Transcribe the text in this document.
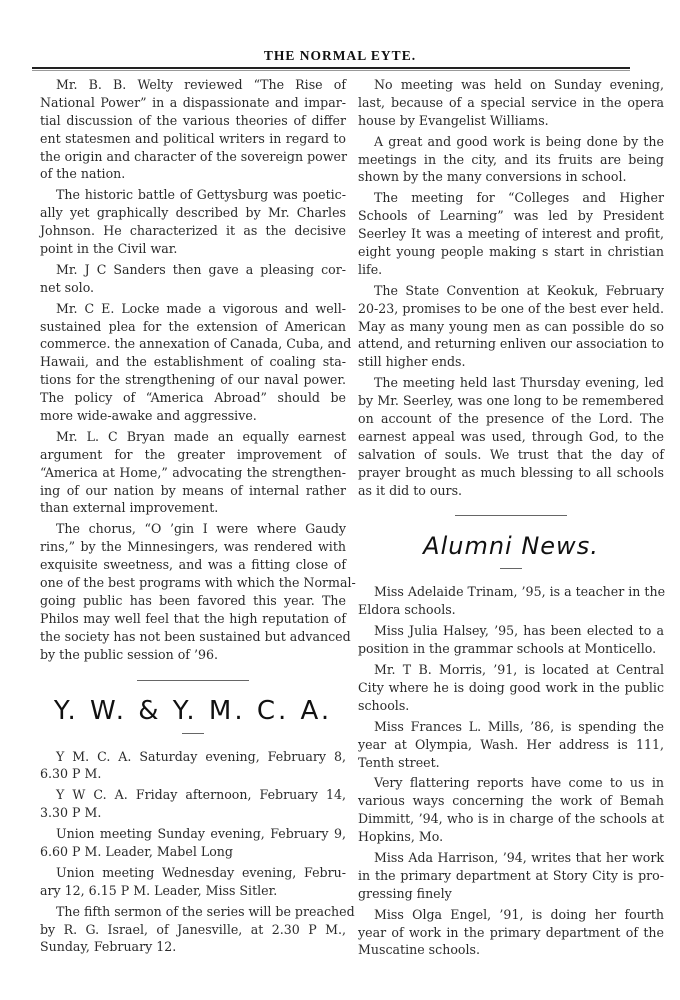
THE NORMAL EYTE.
Mr. B. B. Welty reviewed “The Rise of
National Power” in a dispassionate and impar-
tial discussion of the various theories of differ
ent statesmen and political writers in regard to
the origin and character of the sovereign power
of the nation.
The historic battle of Gettysburg was poetic-
ally yet graphically described by Mr. Charles
Johnson. He characterized it as the decisive
point in the Civil war.
Mr. J C Sanders then gave a pleasing cor-
net solo.
Mr. C E. Locke made a vigorous and well-
sustained plea for the extension of American
commerce. the annexation of Canada, Cuba, and
Hawaii, and the establishment of coaling sta-
tions for the strengthening of our naval power.
The policy of “America Abroad” should be
more wide-awake and aggressive.
Mr. L. C Bryan made an equally earnest
argument for the greater improvement of
“America at Home,” advocating the strengthen-
ing of our nation by means of internal rather
than external improvement.
The chorus, “O ’gin I were where Gaudy
rins,” by the Minnesingers, was rendered with
exquisite sweetness, and was a fitting close of
one of the best programs with which the Normal-
going public has been favored this year. The
Philos may well feel that the high reputation of
the society has not been sustained but advanced
by the public session of ’96.
Y. W. & Y. M. C. A.
Y M. C. A. Saturday evening, February 8,
6.30 P M.
Y W C. A. Friday afternoon, February 14,
3.30 P M.
Union meeting Sunday evening, February 9,
6.60 P M. Leader, Mabel Long
Union meeting Wednesday evening, Febru-
ary 12, 6.15 P M. Leader, Miss Sitler.
The fifth sermon of the series will be preached
by R. G. Israel, of Janesville, at 2.30 P M.,
Sunday, February 12.
No meeting was held on Sunday evening,
last, because of a special service in the opera
house by Evangelist Williams.
A great and good work is being done by the
meetings in the city, and its fruits are being
shown by the many conversions in school.
The meeting for “Colleges and Higher
Schools of Learning” was led by President
Seerley It was a meeting of interest and profit,
eight young people making s start in christian
life.
The State Convention at Keokuk, February
20-23, promises to be one of the best ever held.
May as many young men as can possible do so
attend, and returning enliven our association to
still higher ends.
The meeting held last Thursday evening, led
by Mr. Seerley, was one long to be remembered
on account of the presence of the Lord. The
earnest appeal was used, through God, to the
salvation of souls. We trust that the day of
prayer brought as much blessing to all schools
as it did to ours.
Alumni News.
Miss Adelaide Trinam, ’95, is a teacher in the
Eldora schools.
Miss Julia Halsey, ’95, has been elected to a
position in the grammar schools at Monticello.
Mr. T B. Morris, ’91, is located at Central
City where he is doing good work in the public
schools.
Miss Frances L. Mills, ’86, is spending the
year at Olympia, Wash. Her address is 111,
Tenth street.
Very flattering reports have come to us in
various ways concerning the work of Bemah
Dimmitt, ’94, who is in charge of the schools at
Hopkins, Mo.
Miss Ada Harrison, ’94, writes that her work
in the primary department at Story City is pro-
gressing finely
Miss Olga Engel, ’91, is doing her fourth
year of work in the primary department of the
Muscatine schools.
